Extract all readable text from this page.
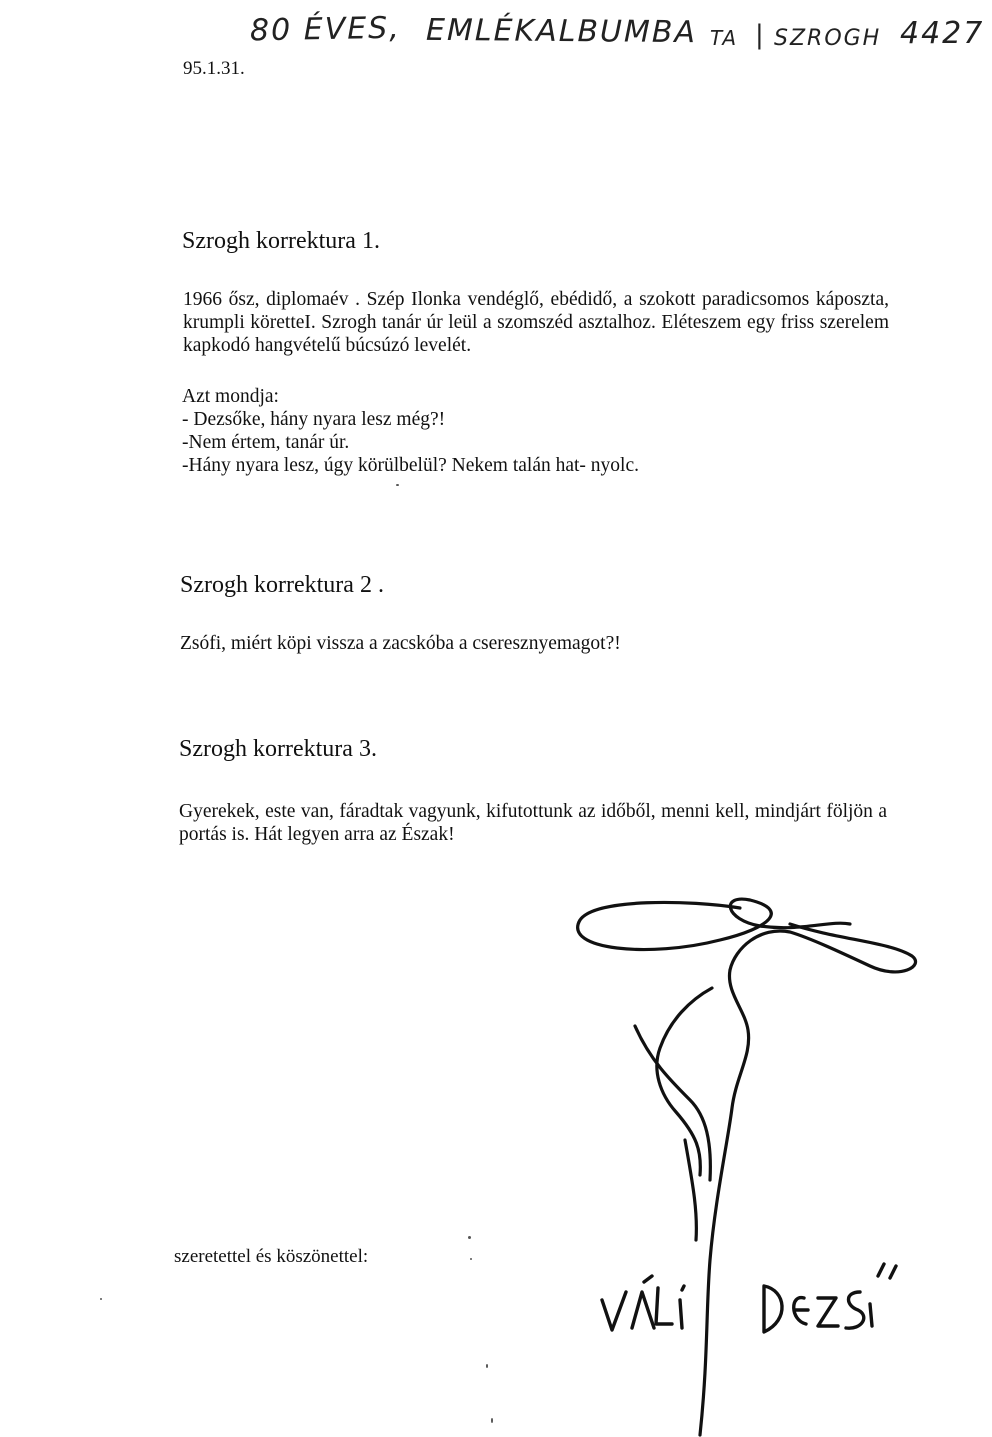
80 ÉVES, EMLÉKALBUMBA TA | SZROGH 4427
95.1.31.
Szrogh korrektura 1.

1966 ősz, diplomaév . Szép Ilonka vendéglő, ebédidő, a szokott paradicsomos káposzta, krumpli köretteI. Szrogh tanár úr leül a szomszéd asztalhoz. Eléteszem egy friss szerelem kapkodó hangvételű búcsúzó levelét.

Azt mondja:
- Dezsőke, hány nyara lesz még?!
-Nem értem, tanár úr.
-Hány nyara lesz, úgy körülbelül? Nekem talán hat- nyolc.
Szrogh korrektura 2 .

Zsófi, miért köpi vissza a zacskóba a cseresznyemagot?!

Szrogh korrektura 3.

Gyerekek, este van, fáradtak vagyunk, kifutottunk az időből, menni kell, mindjárt följön a portás is. Hát legyen arra az Észak!

szeretettel és köszönettel:
